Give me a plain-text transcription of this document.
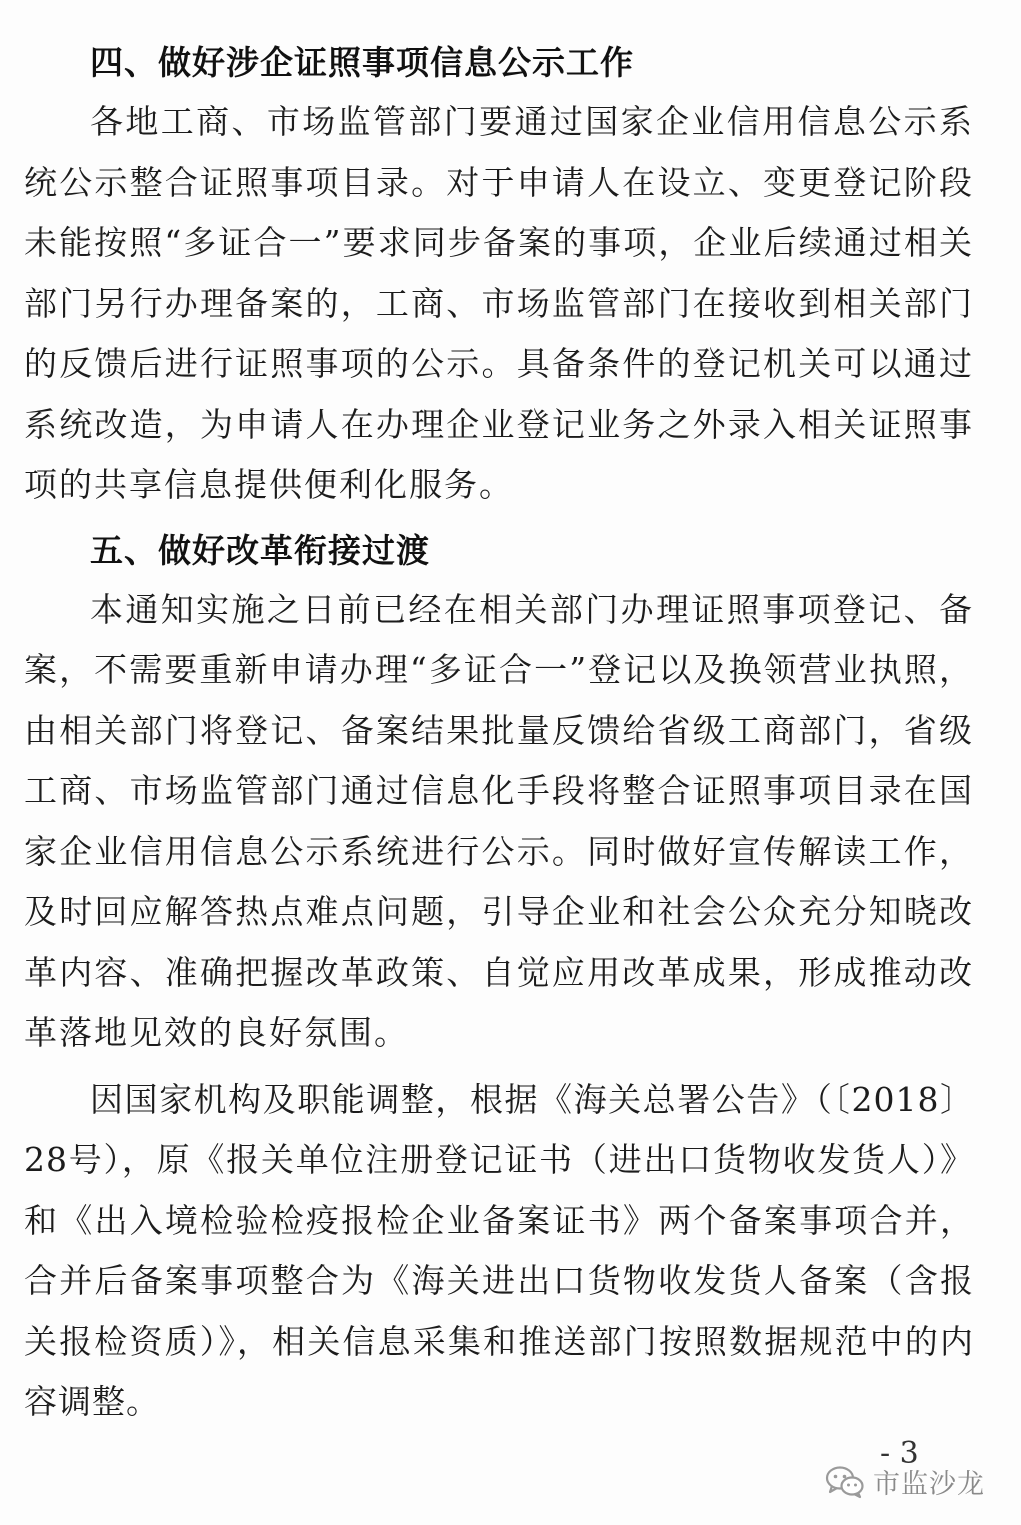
四、做好涉企证照事项信息公示工作

各地工商、市场监管部门要通过国家企业信用信息公示系统公示整合证照事项目录。对于申请人在设立、变更登记阶段未能按照“多证合一”要求同步备案的事项，企业后续通过相关部门另行办理备案的，工商、市场监管部门在接收到相关部门的反馈后进行证照事项的公示。具备条件的登记机关可以通过系统改造，为申请人在办理企业登记业务之外录入相关证照事项的共享信息提供便利化服务。

五、做好改革衔接过渡

本通知实施之日前已经在相关部门办理证照事项登记、备案，不需要重新申请办理“多证合一”登记以及换领营业执照，由相关部门将登记、备案结果批量反馈给省级工商部门，省级工商、市场监管部门通过信息化手段将整合证照事项目录在国家企业信用信息公示系统进行公示。同时做好宣传解读工作，及时回应解答热点难点问题，引导企业和社会公众充分知晓改革内容、准确把握改革政策、自觉应用改革成果，形成推动改革落地见效的良好氛围。

因国家机构及职能调整，根据《海关总署公告》（〔2018〕28号），原《报关单位注册登记证书（进出口货物收发货人）》和《出入境检验检疫报检企业备案证书》两个备案事项合并，合并后备案事项整合为《海关进出口货物收发货人备案（含报关报检资质）》，相关信息采集和推送部门按照数据规范中的内容调整。

- 3
市监沙龙
